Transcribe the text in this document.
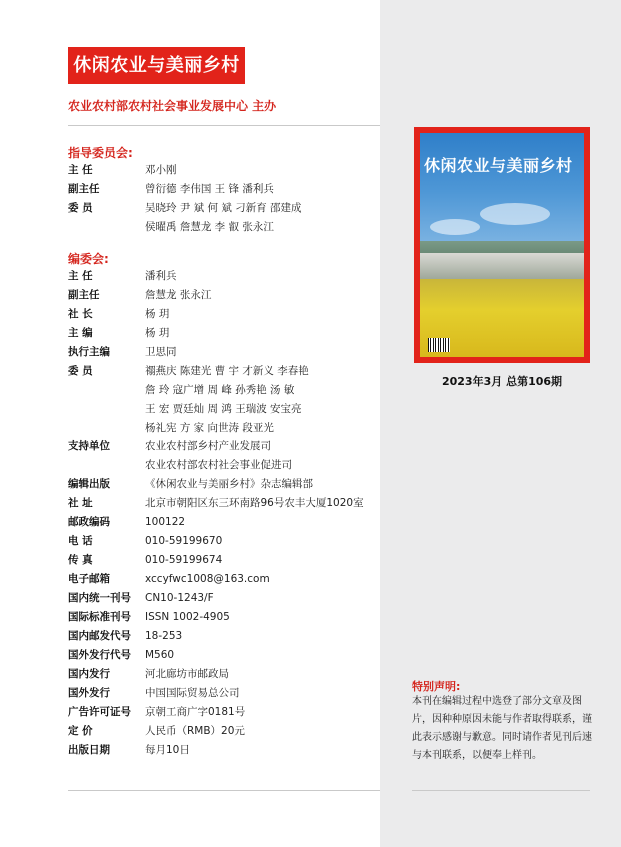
休闲农业与美丽乡村
农业农村部农村社会事业发展中心 主办
指导委员会:
主 任	邓小刚
副主任	曾衍德 李伟国 王 锋 潘利兵
委 员	吴晓玲 尹 斌 何 斌 刁新育 邵建成
侯曜禹 詹慧龙 李 叡 张永江
编委会:
主 任	潘利兵
副主任	詹慧龙 张永江
社 长	杨 玥
主 编	杨 玥
执行主编	卫思同
委 员	禤燕庆 陈建光 曹 宇 才新义 李春艳
詹 玲 寇广增 周 峰 孙秀艳 汤 敏
王 宏 贾廷灿 周 鸿 王瑞波 安宝亮
杨礼宪 方 家 向世涛 段亚光
支持单位	农业农村部乡村产业发展司
农业农村部农村社会事业促进司
编辑出版	《休闲农业与美丽乡村》杂志编辑部
社 址	北京市朝阳区东三环南路96号农丰大厦1020室
邮政编码	100122
电 话	010-59199670
传 真	010-59199674
电子邮箱	xccyfwc1008@163.com
国内统一刊号	CN10-1243/F
国际标准刊号	ISSN 1002-4905
国内邮发代号	18-253
国外发行代号	M560
国内发行	河北廊坊市邮政局
国外发行	中国国际贸易总公司
广告许可证号	京朝工商广字0181号
定 价	人民币（RMB）20元
出版日期	每月10日
休闲农业与美丽乡村
2023年3月 总第106期
特别声明:
本刊在编辑过程中选登了部分文章及图片，因种种原因未能与作者取得联系，谨此表示感谢与歉意。同时请作者见刊后速与本刊联系，以便奉上样刊。
